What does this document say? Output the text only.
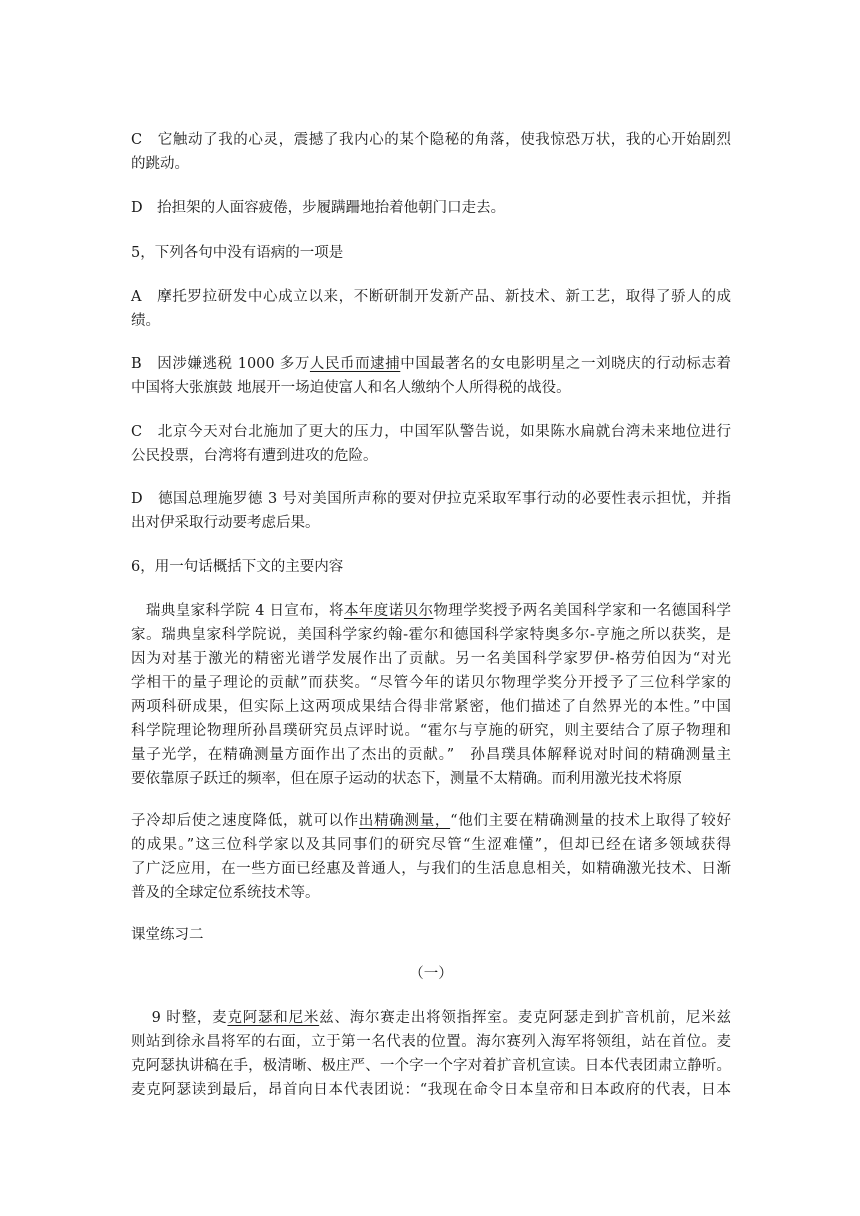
C　它触动了我的心灵，震撼了我内心的某个隐秘的角落，使我惊恐万状，我的心开始剧烈
的跳动。
D　抬担架的人面容疲倦，步履蹒跚地抬着他朝门口走去。
5，下列各句中没有语病的一项是
A　摩托罗拉研发中心成立以来，不断研制开发新产品、新技术、新工艺，取得了骄人的成
绩。
B　因涉嫌逃税 1000 多万人民币而逮捕中国最著名的女电影明星之一刘晓庆的行动标志着
中国将大张旗鼓 地展开一场迫使富人和名人缴纳个人所得税的战役。
C　北京今天对台北施加了更大的压力，中国军队警告说，如果陈水扁就台湾未来地位进行
公民投票，台湾将有遭到进攻的危险。
D　德国总理施罗德 3 号对美国所声称的要对伊拉克采取军事行动的必要性表示担忧，并指
出对伊采取行动要考虑后果。
6，用一句话概括下文的主要内容
　瑞典皇家科学院 4 日宣布，将本年度诺贝尔物理学奖授予两名美国科学家和一名德国科学
家。瑞典皇家科学院说，美国科学家约翰-霍尔和德国科学家特奥多尔-亨施之所以获奖，是
因为对基于激光的精密光谱学发展作出了贡献。另一名美国科学家罗伊-格劳伯因为“对光
学相干的量子理论的贡献”而获奖。“尽管今年的诺贝尔物理学奖分开授予了三位科学家的
两项科研成果，但实际上这两项成果结合得非常紧密，他们描述了自然界光的本性。”中国
科学院理论物理所孙昌璞研究员点评时说。“霍尔与亨施的研究，则主要结合了原子物理和
量子光学，在精确测量方面作出了杰出的贡献。”　孙昌璞具体解释说对时间的精确测量主
要依靠原子跃迁的频率，但在原子运动的状态下，测量不太精确。而利用激光技术将原
子冷却后使之速度降低，就可以作出精确测量，“他们主要在精确测量的技术上取得了较好
的成果。”这三位科学家以及其同事们的研究尽管“生涩难懂”，但却已经在诸多领域获得
了广泛应用，在一些方面已经惠及普通人，与我们的生活息息相关，如精确激光技术、日渐
普及的全球定位系统技术等。
课堂练习二
（一）
　 9 时整，麦克阿瑟和尼米兹、海尔赛走出将领指挥室。麦克阿瑟走到扩音机前，尼米兹
则站到徐永昌将军的右面，立于第一名代表的位置。海尔赛列入海军将领组，站在首位。麦
克阿瑟执讲稿在手，极清晰、极庄严、一个字一个字对着扩音机宣读。日本代表团肃立静听。
麦克阿瑟读到最后，昂首向日本代表团说：“我现在命令日本皇帝和日本政府的代表，日本
